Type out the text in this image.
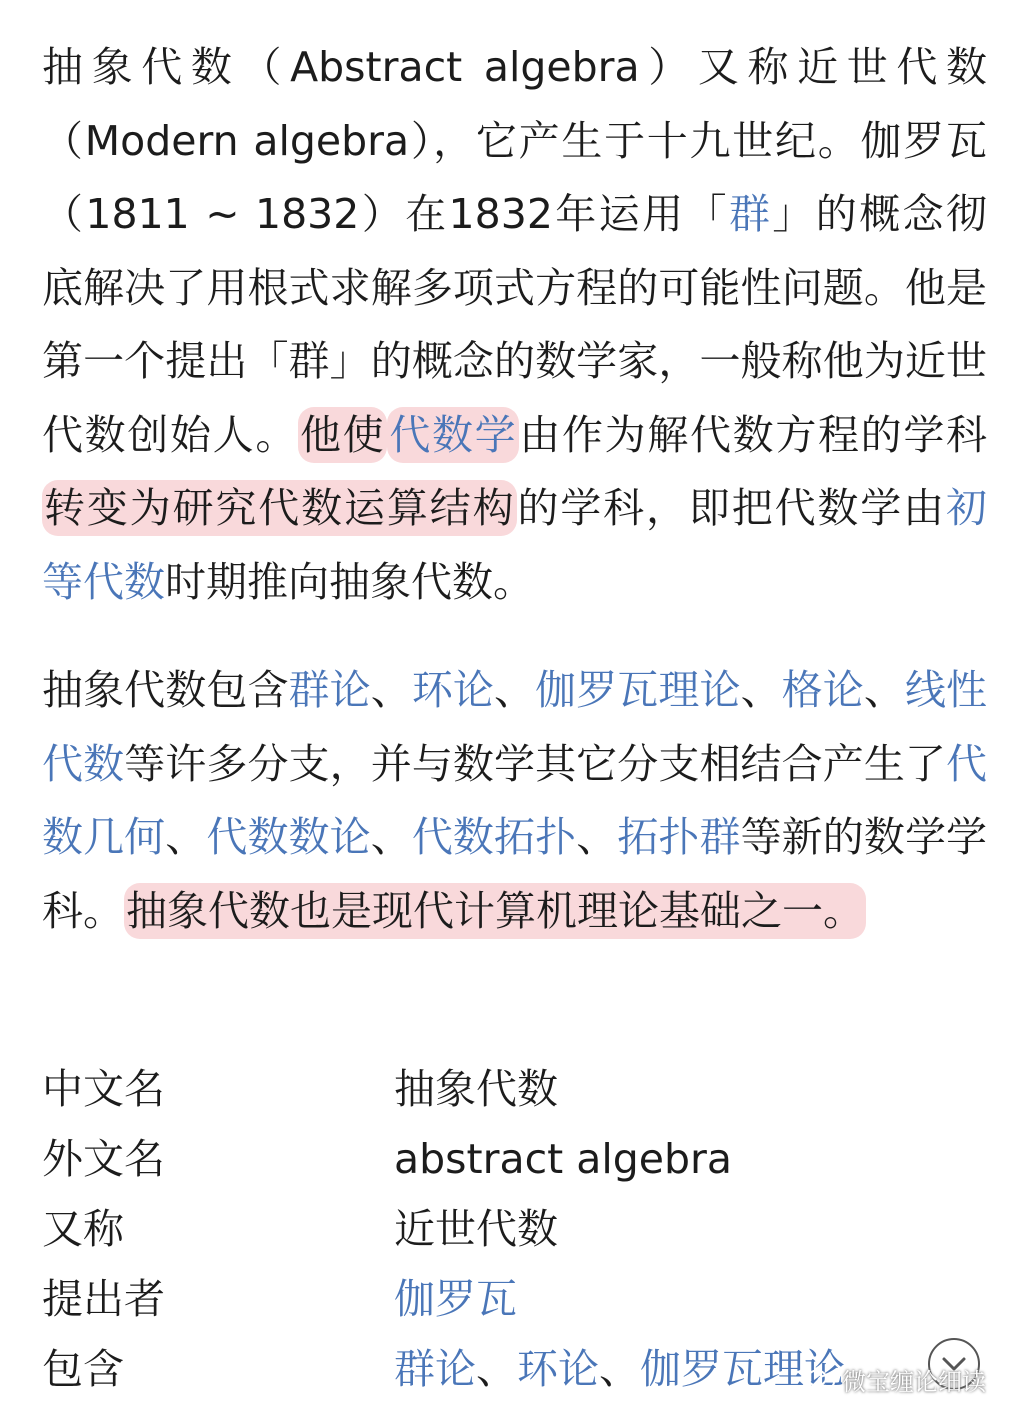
抽象代数（Abstract algebra）又称近世代数（Modern algebra），它产生于十九世纪。伽罗瓦（1811 ~ 1832）在1832年运用「群」的概念彻底解决了用根式求解多项式方程的可能性问题。他是第一个提出「群」的概念的数学家，一般称他为近世代数创始人。他使代数学由作为解代数方程的学科转变为研究代数运算结构的学科，即把代数学由初等代数时期推向抽象代数。

抽象代数包含群论、环论、伽罗瓦理论、格论、线性代数等许多分支，并与数学其它分支相结合产生了代数几何、代数数论、代数拓扑、拓扑群等新的数学学科。抽象代数也是现代计算机理论基础之一。

中文名	抽象代数
外文名	abstract algebra
又称	近世代数
提出者	伽罗瓦
包含	群论、环论、伽罗瓦理论
微宝缠论细读
